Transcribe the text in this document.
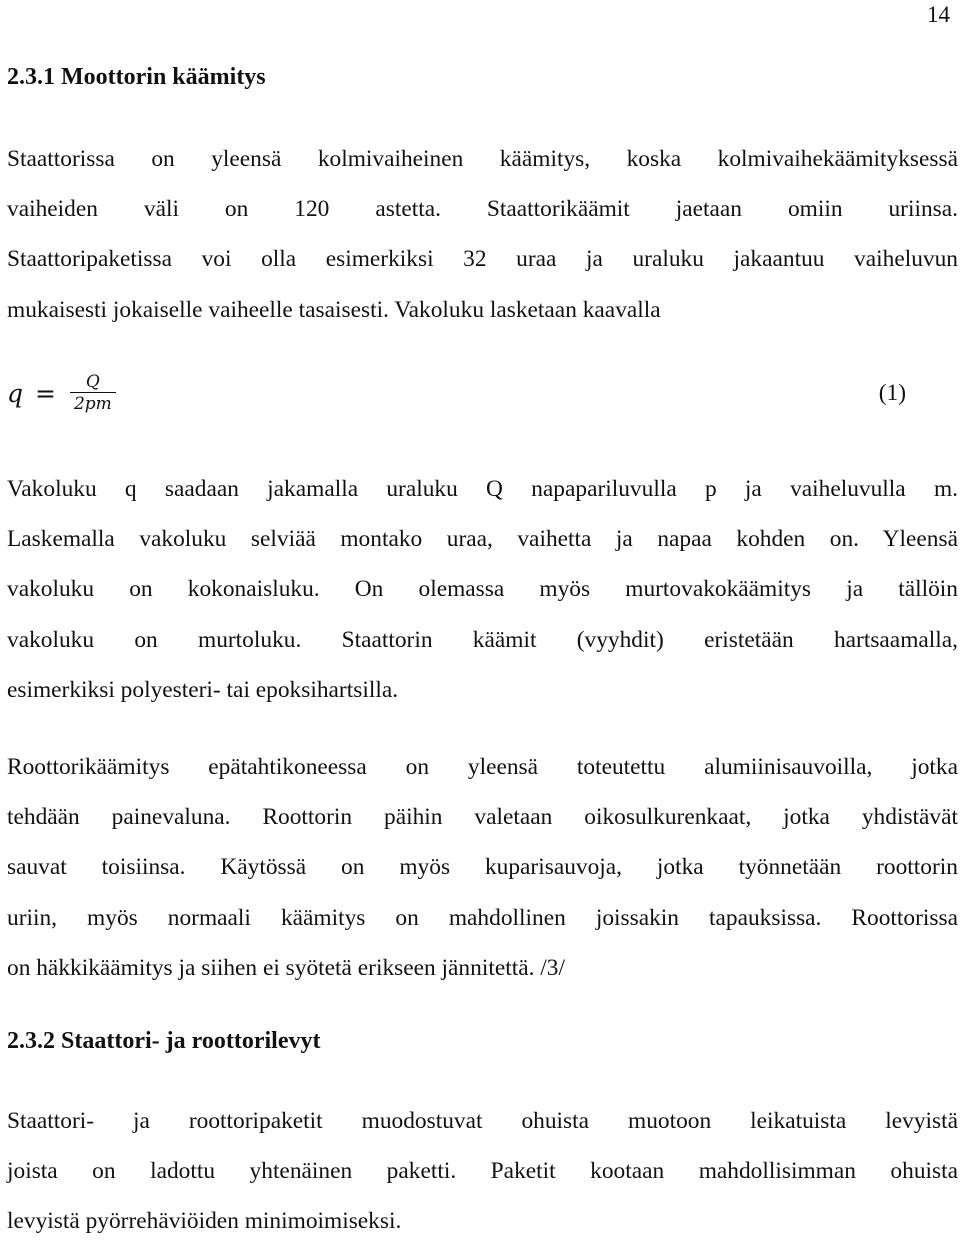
14
2.3.1 Moottorin käämitys

Staattorissa on yleensä kolmivaiheinen käämitys, koska kolmivaihekäämityksessä
vaiheiden väli on 120 astetta. Staattorikäämit jaetaan omiin uriinsa.
Staattoripaketissa voi olla esimerkiksi 32 uraa ja uraluku jakaantuu vaiheluvun
mukaisesti jokaiselle vaiheelle tasaisesti. Vakoluku lasketaan kaavalla

$q = \frac{Q}{2pm}$	(1)

Vakoluku q saadaan jakamalla uraluku Q napapariluvulla p ja vaiheluvulla m.
Laskemalla vakoluku selviää montako uraa, vaihetta ja napaa kohden on. Yleensä
vakoluku on kokonaisluku. On olemassa myös murtovakokäämitys ja tällöin
vakoluku on murtoluku. Staattorin käämit (vyyhdit) eristetään hartsaamalla,
esimerkiksi polyesteri- tai epoksihartsilla.

Roottorikäämitys epätahtikoneessa on yleensä toteutettu alumiinisauvoilla, jotka
tehdään painevaluna. Roottorin päihin valetaan oikosulkurenkaat, jotka yhdistävät
sauvat toisiinsa. Käytössä on myös kuparisauvoja, jotka työnnetään roottorin
uriin, myös normaali käämitys on mahdollinen joissakin tapauksissa. Roottorissa
on häkkikäämitys ja siihen ei syötetä erikseen jännitettä. /3/

2.3.2 Staattori- ja roottorilevyt

Staattori- ja roottoripaketit muodostuvat ohuista muotoon leikatuista levyistä
joista on ladottu yhtenäinen paketti. Paketit kootaan mahdollisimman ohuista
levyistä pyörrehäviöiden minimoimiseksi.
